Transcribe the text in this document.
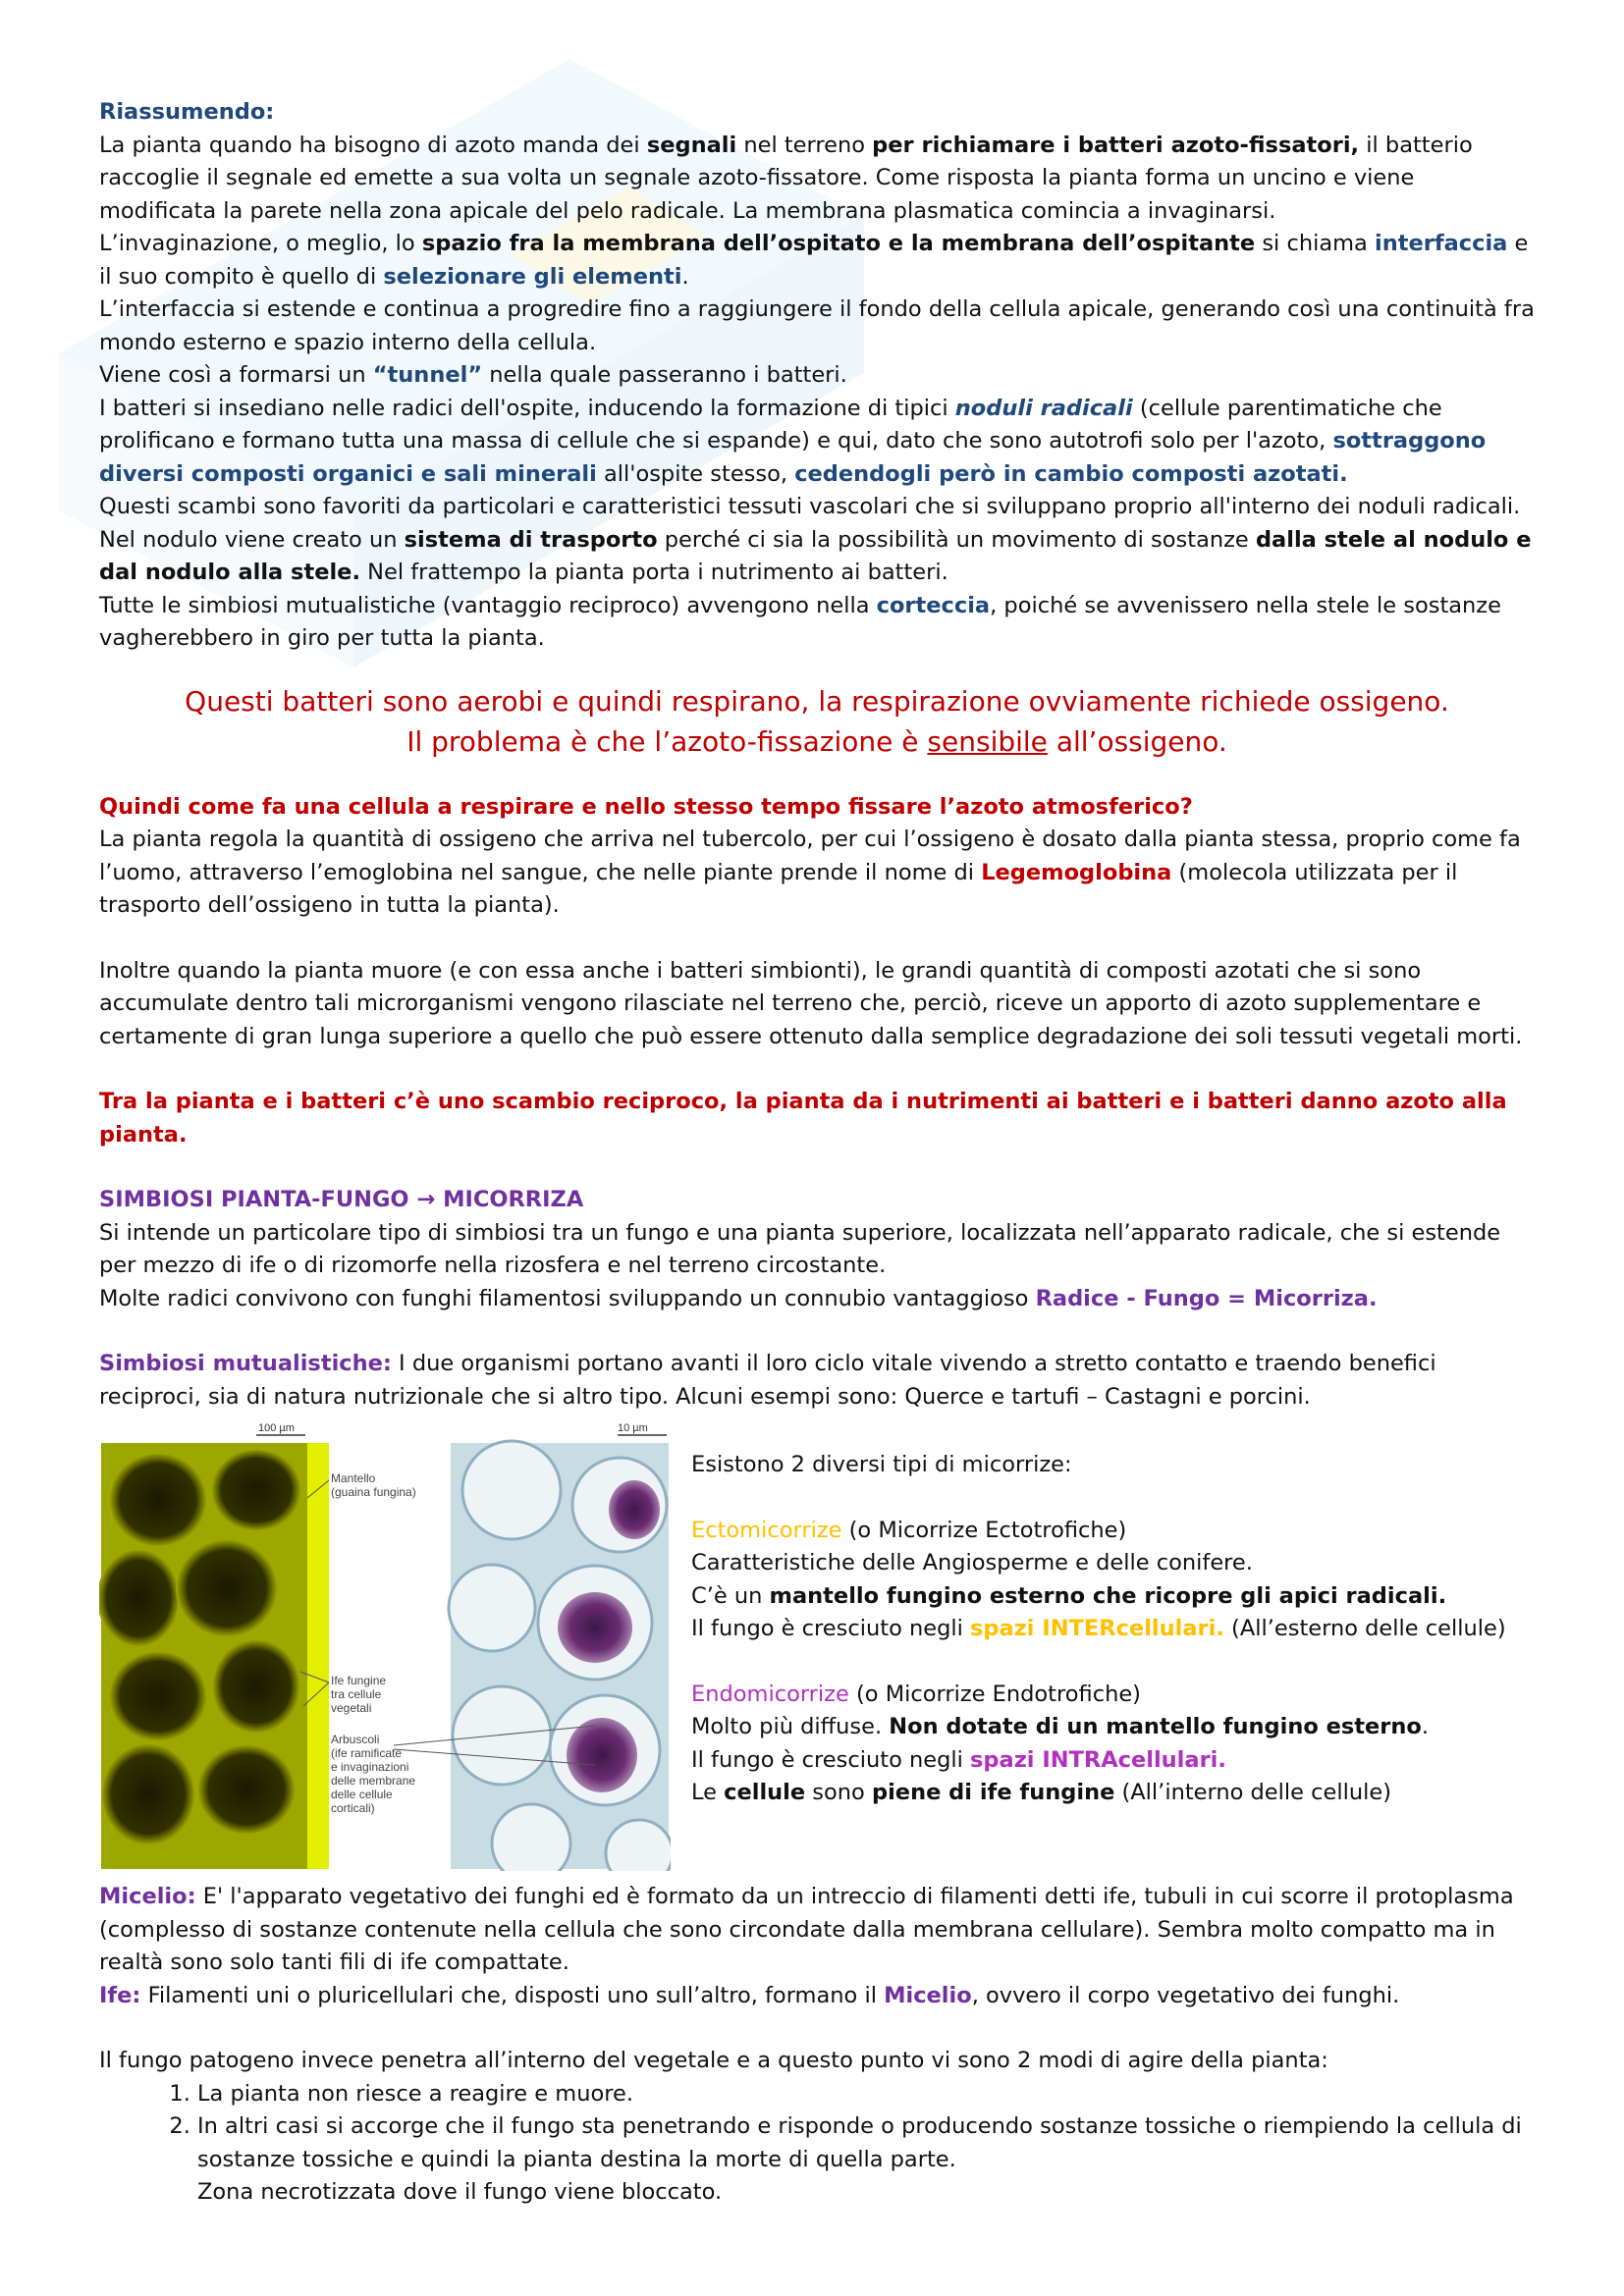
Riassumendo:

La pianta quando ha bisogno di azoto manda dei segnali nel terreno per richiamare i batteri azoto-fissatori, il batterio raccoglie il segnale ed emette a sua volta un segnale azoto-fissatore. Come risposta la pianta forma un uncino e viene modificata la parete nella zona apicale del pelo radicale. La membrana plasmatica comincia a invaginarsi.

L’invaginazione, o meglio, lo spazio fra la membrana dell’ospitato e la membrana dell’ospitante si chiama interfaccia e il suo compito è quello di selezionare gli elementi.

L’interfaccia si estende e continua a progredire fino a raggiungere il fondo della cellula apicale, generando così una continuità fra mondo esterno e spazio interno della cellula.

Viene così a formarsi un “tunnel” nella quale passeranno i batteri.

I batteri si insediano nelle radici dell'ospite, inducendo la formazione di tipici noduli radicali (cellule parentimatiche che prolificano e formano tutta una massa di cellule che si espande) e qui, dato che sono autotrofi solo per l'azoto, sottraggono diversi composti organici e sali minerali all'ospite stesso, cedendogli però in cambio composti azotati.

Questi scambi sono favoriti da particolari e caratteristici tessuti vascolari che si sviluppano proprio all'interno dei noduli radicali. Nel nodulo viene creato un sistema di trasporto perché ci sia la possibilità un movimento di sostanze dalla stele al nodulo e dal nodulo alla stele. Nel frattempo la pianta porta i nutrimento ai batteri.

Tutte le simbiosi mutualistiche (vantaggio reciproco) avvengono nella corteccia, poiché se avvenissero nella stele le sostanze vagherebbero in giro per tutta la pianta.

Questi batteri sono aerobi e quindi respirano, la respirazione ovviamente richiede ossigeno.
Il problema è che l’azoto-fissazione è sensibile all’ossigeno.

Quindi come fa una cellula a respirare e nello stesso tempo fissare l’azoto atmosferico?

La pianta regola la quantità di ossigeno che arriva nel tubercolo, per cui l’ossigeno è dosato dalla pianta stessa, proprio come fa l’uomo, attraverso l’emoglobina nel sangue, che nelle piante prende il nome di Legemoglobina (molecola utilizzata per il trasporto dell’ossigeno in tutta la pianta).

Inoltre quando la pianta muore (e con essa anche i batteri simbionti), le grandi quantità di composti azotati che si sono accumulate dentro tali microrganismi vengono rilasciate nel terreno che, perciò, riceve un apporto di azoto supplementare e certamente di gran lunga superiore a quello che può essere ottenuto dalla semplice degradazione dei soli tessuti vegetali morti.

Tra la pianta e i batteri c’è uno scambio reciproco, la pianta da i nutrimenti ai batteri e i batteri danno azoto alla pianta.

SIMBIOSI PIANTA-FUNGO → MICORRIZA

Si intende un particolare tipo di simbiosi tra un fungo e una pianta superiore, localizzata nell’apparato radicale, che si estende per mezzo di ife o di rizomorfe nella rizosfera e nel terreno circostante.

Molte radici convivono con funghi filamentosi sviluppando un connubio vantaggioso Radice - Fungo = Micorriza.

Simbiosi mutualistiche: I due organismi portano avanti il loro ciclo vitale vivendo a stretto contatto e traendo benefici reciproci, sia di natura nutrizionale che si altro tipo. Alcuni esempi sono: Querce e tartufi – Castagni e porcini.

100 µm	10 µm
Mantello
(guaina fungina)
Ife fungine
tra cellule
vegetali
Arbuscoli
(ife ramificate
e invaginazioni
delle membrane
delle cellule
corticali)

Esistono 2 diversi tipi di micorrize:

Ectomicorrize (o Micorrize Ectotrofiche)

Caratteristiche delle Angiosperme e delle conifere.

C’è un mantello fungino esterno che ricopre gli apici radicali.

Il fungo è cresciuto negli spazi INTERcellulari. (All’esterno delle cellule)

Endomicorrize (o Micorrize Endotrofiche)

Molto più diffuse. Non dotate di un mantello fungino esterno.

Il fungo è cresciuto negli spazi INTRAcellulari.

Le cellule sono piene di ife fungine (All’interno delle cellule)

Micelio: E' l'apparato vegetativo dei funghi ed è formato da un intreccio di filamenti detti ife, tubuli in cui scorre il protoplasma (complesso di sostanze contenute nella cellula che sono circondate dalla membrana cellulare). Sembra molto compatto ma in realtà sono solo tanti fili di ife compattate.

Ife: Filamenti uni o pluricellulari che, disposti uno sull’altro, formano il Micelio, ovvero il corpo vegetativo dei funghi.

Il fungo patogeno invece penetra all’interno del vegetale e a questo punto vi sono 2 modi di agire della pianta:

1. La pianta non riesce a reagire e muore.
2. In altri casi si accorge che il fungo sta penetrando e risponde o producendo sostanze tossiche o riempiendo la cellula di sostanze tossiche e quindi la pianta destina la morte di quella parte.

Zona necrotizzata dove il fungo viene bloccato.
